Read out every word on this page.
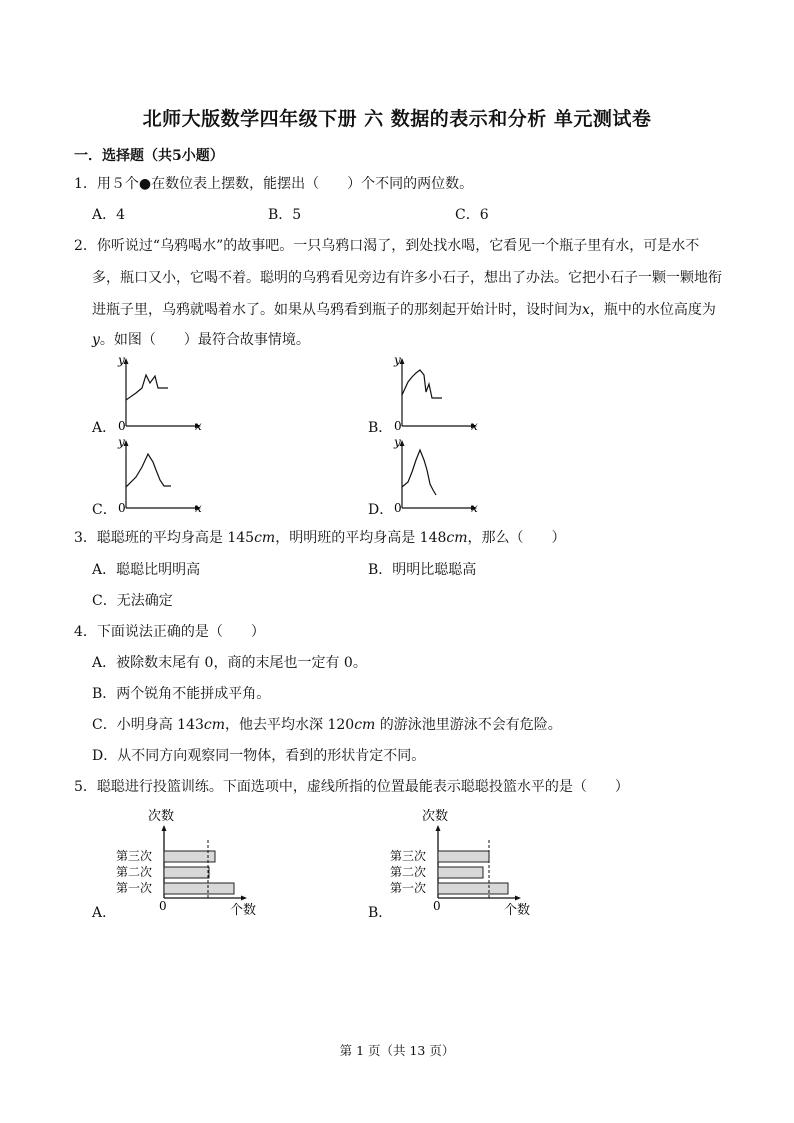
北师大版数学四年级下册 六 数据的表示和分析 单元测试卷
一．选择题（共5小题）
1．用５个●在数位表上摆数，能摆出（　　）个不同的两位数。
A．4	B．5	C．6
2．你听说过“乌鸦喝水”的故事吧。一只乌鸦口渴了，到处找水喝，它看见一个瓶子里有水，可是水不
多，瓶口又小，它喝不着。聪明的乌鸦看见旁边有许多小石子，想出了办法。它把小石子一颗一颗地衔
进瓶子里，乌鸦就喝着水了。如果从乌鸦看到瓶子的那刻起开始计时，设时间为x，瓶中的水位高度为
y。如图（　　）最符合故事情境。
A．
y
0	x	B．
y
0	x
C．
y
0	x	D．
y
0	x
3．聪聪班的平均身高是 145cm，明明班的平均身高是 148cm，那么（　　）
A．聪聪比明明高	B．明明比聪聪高
C．无法确定
4．下面说法正确的是（　　）
A．被除数末尾有 0，商的末尾也一定有 0。
B．两个锐角不能拼成平角。
C．小明身高 143cm，他去平均水深 120cm 的游泳池里游泳不会有危险。
D．从不同方向观察同一物体，看到的形状肯定不同。
5．聪聪进行投篮训练。下面选项中，虚线所指的位置最能表示聪聪投篮水平的是（　　）
A．
次数
0	个数
第三次
第二次
第一次
B．
次数
0	个数
第三次
第二次
第一次
第 1 页（共 13 页）
